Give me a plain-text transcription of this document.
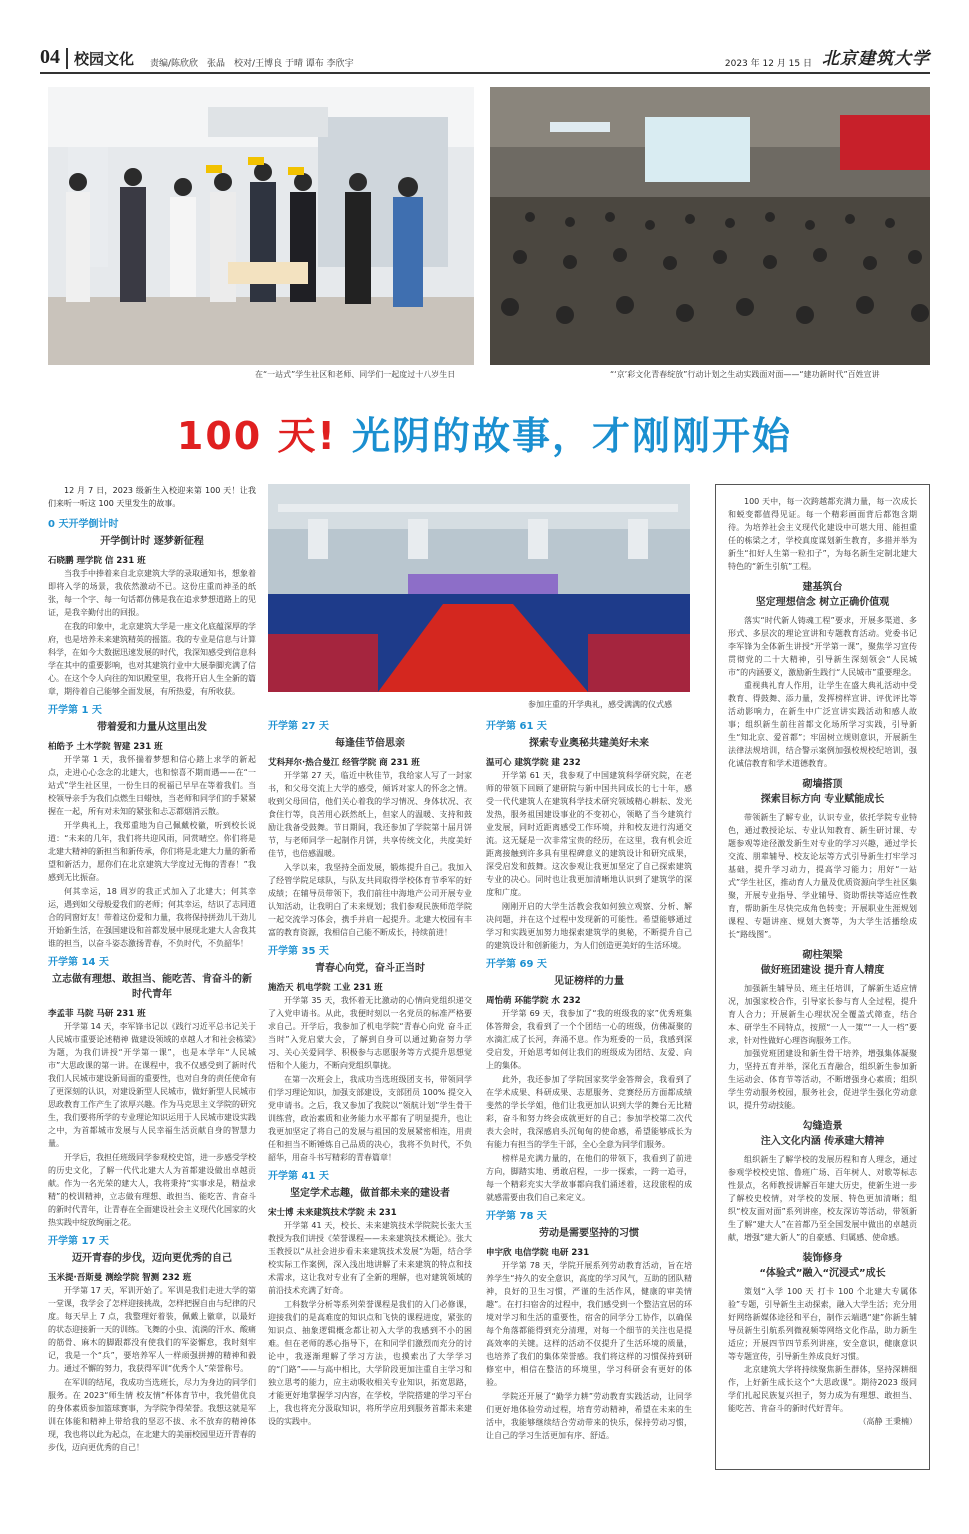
04 校园文化 责编/陈欣欣　张晶　校对/王博良 于晴 谭布 李欣宇	2023 年 12 月 15 日 北京建筑大学
在“一站式”学生社区和老师、同学们一起度过十八岁生日	“‘京’彩文化青春绽放”行动计划之生动实践面对面——“建功新时代”百姓宣讲
100 天! 光阴的故事，才刚刚开始

12 月 7 日，2023 级新生入校迎来第 100 天！让我们来听一听这 100 天里发生的故事。

0 天开学倒计时
开学倒计时 逐梦新征程
石晓鹏 理学院 信 231 班

当我手中捧着来自北京建筑大学的录取通知书，想象着即将入学的场景，我依然激动不已。这份庄重而神圣的纸张，每一个字、每一句话都仿佛是我在追求梦想道路上的见证，是我辛勤付出的回报。

在我的印象中，北京建筑大学是一座文化底蕴深厚的学府，也是培养未来建筑精英的摇篮。我的专业是信息与计算科学，在如今大数据迅速发展的时代，我深知感受到信息科学在其中的重要影响，也对其建筑行业中大展拳脚充满了信心。在这个令人向往的知识殿堂里，我将开启人生全新的篇章，期待着自己能够全面发展，有所热爱，有所收获。

开学第 1 天
带着爱和力量从这里出发
柏皓予 土木学院 智建 231 班

开学第 1 天，我怀揣着梦想和信心踏上求学的新起点，走进心心念念的北建大，也和惊喜不期而遇——在“一站式”学生社区里，一份生日的祝福已早早在等着我们。当校领导亲手为我们点燃生日蜡烛，当老师和同学们的手紧紧握在一起，所有对未知的紧张和忐忑都烟消云散。

开学典礼上，我郑重地为自己佩戴校徽，听到校长说道：“未来的几年，我们将共迎风雨，同赏晴空。你们将是北建大精神的新担当和新传承，你们将是北建大力量的新希望和新活力，愿你们在北京建筑大学度过无悔的青春！”我感到无比振奋。

何其幸运，18 周岁的我正式加入了北建大；何其幸运，遇到如父母般爱我们的老师；何其幸运，结识了志同道合的同窗好友！带着这份爱和力量，我将保持拼劲儿干劲儿开始新生活，在强国建设和首都发展中展现北建大人舍我其谁的担当，以奋斗姿态激扬青春，不负时代，不负韶华！

开学第 14 天
立志做有理想、敢担当、能吃苦、肯奋斗的新时代青年
李孟菲 马院 马研 231 班

开学第 14 天，李军锋书记以《践行习近平总书记关于人民城市重要论述精神 做建设领域的卓越人才和社会栋梁》为题，为我们讲授“开学第一课”，也是本学年“人民城市”大思政课的第一讲。在课程中，我不仅感受到了新时代我们人民城市建设新局面的重要性，也对自身的责任使命有了更深刻的认识，对建设新型人民城市，做好新型人民城市思政教育工作产生了浓厚兴趣。作为马克思主义学院的研究生，我们要将所学的专业理论知识运用于人民城市建设实践之中，为首都城市发展与人民幸福生活贡献自身的智慧力量。

开学后，我担任班级同学参观校史馆，进一步感受学校的历史文化，了解一代代北建大人为首都建设做出卓越贡献。作为一名光荣的建大人，我将秉持“实事求是，精益求精”的校训精神，立志做有理想、敢担当、能吃苦、肯奋斗的新时代青年，让青春在全面建设社会主义现代化国家的火热实践中绽放绚丽之花。

开学第 17 天
迈开青春的步伐，迈向更优秀的自己
玉米提·吾斯曼 测绘学院 智测 232 班

开学第 17 天，军训开始了。军训是我们走进大学的第一堂课，我学会了怎样迎接挑战，怎样把握自由与纪律的尺度。每天早上 7 点，我整理好着装，佩戴上徽章，以最好的状态迎接新一天的训练。飞舞的小虫、流淌的汗水、酸痛的筋骨、麻木的脚跟都没有使我们的军姿懈怠，我时刻牢记，我是一个“兵”，要培养军人一样顽强拼搏的精神和毅力。通过不懈的努力，我获得军训“优秀个人”荣誉称号。

在军训的结尾，我成功当选班长，尽力为身边的同学们服务。在 2023“师生情 校友情”杯体育节中，我凭借优良的身体素质参加篮球赛事，为学院争得荣誉。我想这就是军训在体能和精神上带给我的坚忍不拔、永不放弃的精神体现，我也将以此为起点，在北建大的美丽校园里迈开青春的步伐，迈向更优秀的自己！

参加庄重的开学典礼，感受满满的仪式感
开学第 27 天
每逢佳节倍思亲
艾科拜尔·热合曼江 经管学院 商 231 班

开学第 27 天，临近中秋佳节，我给家人写了一封家书，和父母交流上大学的感受，倾诉对家人的怀念之情。收到父母回信，他们关心着我的学习情况、身体状况、衣食住行等，良苦用心跃然纸上，但家人的温暖、支持和鼓励让我备受鼓舞。节日期间，我还参加了学院第十届月饼节，与老师同学一起制作月饼，共享传统文化，共度美好佳节，也倍感温暖。

入学以来，我坚持全面发展，锻炼提升自己。我加入了经管学院足球队，与队友共同取得学校体育节季军的好成绩；在辅导员带领下，我们前往中海地产公司开展专业认知活动，让我明白了未来规划；我们参观民族师范学院一起交流学习体会，携手并肩一起提升。北建大校园有丰富的教育资源，我相信自己能不断成长，持续前进！

开学第 35 天
青春心向党，奋斗正当时
施浩天 机电学院 工业 231 班

开学第 35 天，我怀着无比激动的心情向党组织递交了入党申请书。从此，我便时刻以一名党员的标准严格要求自己。开学后，我参加了机电学院“青春心向党 奋斗正当时”入党启蒙大会，了解到自身可以通过勤奋努力学习、关心关爱同学、积极参与志愿服务等方式提升思想觉悟和个人能力，不断向党组织靠拢。

在第一次班会上，我成功当选班级团支书，带领同学们学习理论知识，加强支部建设，支部团员 100% 提交入党申请书。之后，我又参加了我院以“领航计划”学生骨干训练营，政治素质和业务能力水平都有了明显提升，也让我更加坚定了将自己的发展与祖国的发展紧密相连，用责任和担当不断锤炼自己品质的决心，我将不负时代，不负韶华，用奋斗书写精彩的青春篇章！

开学第 41 天
坚定学术志趣，做首都未来的建设者
宋士博 未来建筑技术学院 未 231

开学第 41 天，校长、未来建筑技术学院院长张大玉教授为我们讲授《荣誉课程——未来建筑技术概论》。张大玉教授以“从社会进步看未来建筑技术发展”为题，结合学校实际工作案例，深入浅出地讲解了未来建筑的特点和技术需求，这让我对专业有了全新的理解，也对建筑领域的前沿技术充满了好奇。

工科数学分析等系列荣誉课程是我们的入门必修课，迎接我们的是高难度的知识点和飞快的课程进度，紧张的知识点、抽象逻辑概念都让初入大学的我感到不小的困难。但在老师的悉心指导下，在和同学们激烈而充分的讨论中，我逐渐理解了学习方法，也摸索出了大学学习的“门路”——与高中相比，大学阶段更加注重自主学习和独立思考的能力，应主动吸收相关专业知识，拓宽思路，才能更好地掌握学习内容，在学校，学院搭建的学习平台上，我也将充分汲取知识，将所学应用到服务首都未来建设的实践中。

开学第 61 天
探索专业奥秘共建美好未来
温可心 建筑学院 建 232

开学第 61 天，我参观了中国建筑科学研究院，在老师的带领下回顾了建研院与新中国共同成长的七十年，感受一代代建筑人在建筑科学技术研究领域精心耕耘、发光发热，服务祖国建设事业的不变初心，领略了当今建筑行业发展，同时近距离感受工作环境，并和校友进行沟通交流。这无疑是一次非常宝贵的经历，在这里，我有机会近距离接触到许多具有里程碑意义的建筑设计和研究成果，深受启发和鼓舞。这次参观让我更加坚定了自己探索建筑专业的决心。同时也让我更加清晰地认识到了建筑学的深度和广度。

刚刚开启的大学生活教会我如何独立观察、分析、解决问题，并在这个过程中发现新的可能性。希望能够通过学习和实践更加努力地探索建筑学的奥秘，不断提升自己的建筑设计和创新能力，为人们创造更美好的生活环境。

开学第 69 天
见证榜样的力量
周怡萌 环能学院 水 232

开学第 69 天，我参加了“我的班级我的家”优秀班集体答辩会，我看到了一个个团结一心的班级，仿佛凝聚的水滴汇成了长河，奔涌不息。作为班委的一员，我感到深受启发，开始思考如何让我们的班级成为团结、友爱、向上的集体。

此外，我还参加了学院国家奖学金答辩会，我看到了在学术成果、科研成果、志愿服务、竞赛经历方面都成绩斐然的学长学姐，他们让我更加认识到大学的舞台无比精彩，奋斗和努力终会成就更好的自己；参加学校第二次代表大会时，我深感肩头沉甸甸的使命感，希望能够成长为有能力有担当的学生干部，全心全意为同学们服务。

榜样是充满力量的，在他们的带领下，我看到了前进方向，脚踏实地、勇敢启程，一步一探索，一跨一追寻，每一个精彩充实大学故事都向我们涌述着，这段旅程的成就感需要由我们自己来定义。

开学第 78 天
劳动是需要坚持的习惯
申宇欣 电信学院 电研 231

开学第 78 天，学院开展系列劳动教育活动，旨在培养学生“持久的安全意识，高度的学习风气，互助的团队精神，良好的卫生习惯，严谨的生活作风，健康的审美情趣”。在打扫宿舍的过程中，我们感受到一个整洁宜居的环境对学习和生活的重要性，宿舍的同学分工协作，以确保每个角落都能得到充分清理，对每一个细节的关注也是提高效率的关键。这样的活动不仅提升了生活环境的质量，也培养了我们的集体荣誉感。我们将这样的习惯保持到研修室中，相信在整洁的环境里，学习科研会有更好的体验。

学院还开展了“勤学力耕”劳动教育实践活动，让同学们更好地体验劳动过程，培育劳动精神，希望在未来的生活中，我能够继续结合劳动带来的快乐，保持劳动习惯，让自己的学习生活更加有序、舒适。

100 天中，每一次跨越都充满力量，每一次成长和蜕变都值得见证。每一个精彩画面背后都饱含期待。为培养社会主义现代化建设中可堪大用、能担重任的栋梁之才，学校真度谋划新生教育，多措并举为新生“扣好人生第一粒扣子”，为每名新生定制北建大特色的“新生引航”工程。

建基筑台
坚定理想信念 树立正确价值观

落实“时代新人铸魂工程”要求，开展多渠道、多形式、多层次的理论宣讲和专题教育活动。党委书记李军锋为全体新生讲授“开学第一课”，聚焦学习宣传贯彻党的二十大精神，引导新生深刻领会“人民城市”的内涵要义，激励新生践行“人民城市”重要理念。

重视典礼育人作用，让学生在盛大典礼活动中受教育、得鼓舞、添力量，发挥榜样宣讲、评优评比等活动影响力，在新生中广泛宣讲实践活动和感人故事；组织新生前往首都文化场所学习实践，引导新生“知北京、爱首都”；牢固树立规则意识，开展新生法律法规培训，结合警示案例加强校规校纪培训，强化诚信教育和学术道德教育。

砌墙搭顶
探索目标方向 专业赋能成长

带领新生了解专业，认识专业，依托学院专业特色，通过教授论坛、专业认知教育、新生研讨课、专题参观等途径激发新生对专业的学习兴趣，通过学长交流、朋辈辅导、校友论坛等方式引导新生打牢学习基础，提升学习动力，提高学习能力；用好“一站式”学生社区，推动育人力量及优质资源向学生社区集聚，开展专业指导、学业辅导、资助帮扶等适应性教育，帮助新生尽快完成角色转变；开展职业生涯规划课程、专题讲座、规划大赛等，为大学生活播绘成长“路线图”。

砌柱架梁
做好班团建设 提升育人精度

加强新生辅导员、班主任培训，了解新生适应情况，加强家校合作，引导家长参与育人全过程，提升育人合力；开展新生心理状况全覆盖式筛查，结合本、研学生不同特点，按照“一人一策”“一人一档”要求，针对性做好心理咨询服务工作。

加强党班团建设和新生骨干培养，增强集体凝聚力，坚持五育并举，深化五育融合，组织新生参加新生运动会、体育节等活动，不断增强身心素质；组织学生劳动服务校园，服务社会，促进学生强化劳动意识，提升劳动技能。

勾缝造景
注入文化内涵 传承建大精神

组织新生了解学校的发展历程和育人理念，通过参观学校校史馆、鲁班广场、百年树人、对歌等标志性景点，名师教授讲解百年建大历史，使新生进一步了解校史校情，对学校的发展、特色更加清晰；组织“校友面对面”系列讲座，校友深访等活动，带领新生了解“建大人”在首都乃至全国发展中做出的卓越贡献，增强“建大新人”的自豪感、归属感、使命感。

装饰修身
“体验式”融入“沉浸式”成长

策划“入学 100 天 打卡 100 个北建大专属体验”专题，引导新生主动探索，融入大学生活；充分用好网络新媒体途径和平台，制作云端遇“建”你新生辅导员新生引航系列微视频等网络文化作品，助力新生适应；开展四节四节系列讲座，安全意识，健康意识等专题宣传，引导新生养成良好习惯。

北京建筑大学将持续聚焦新生群体，坚持深耕细作，上好新生成长这个“大思政课”。期待2023 级同学们扎起民族复兴担子，努力成为有理想、敢担当、能吃苦、肯奋斗的新时代好青年。

（高静 王秉楠）
